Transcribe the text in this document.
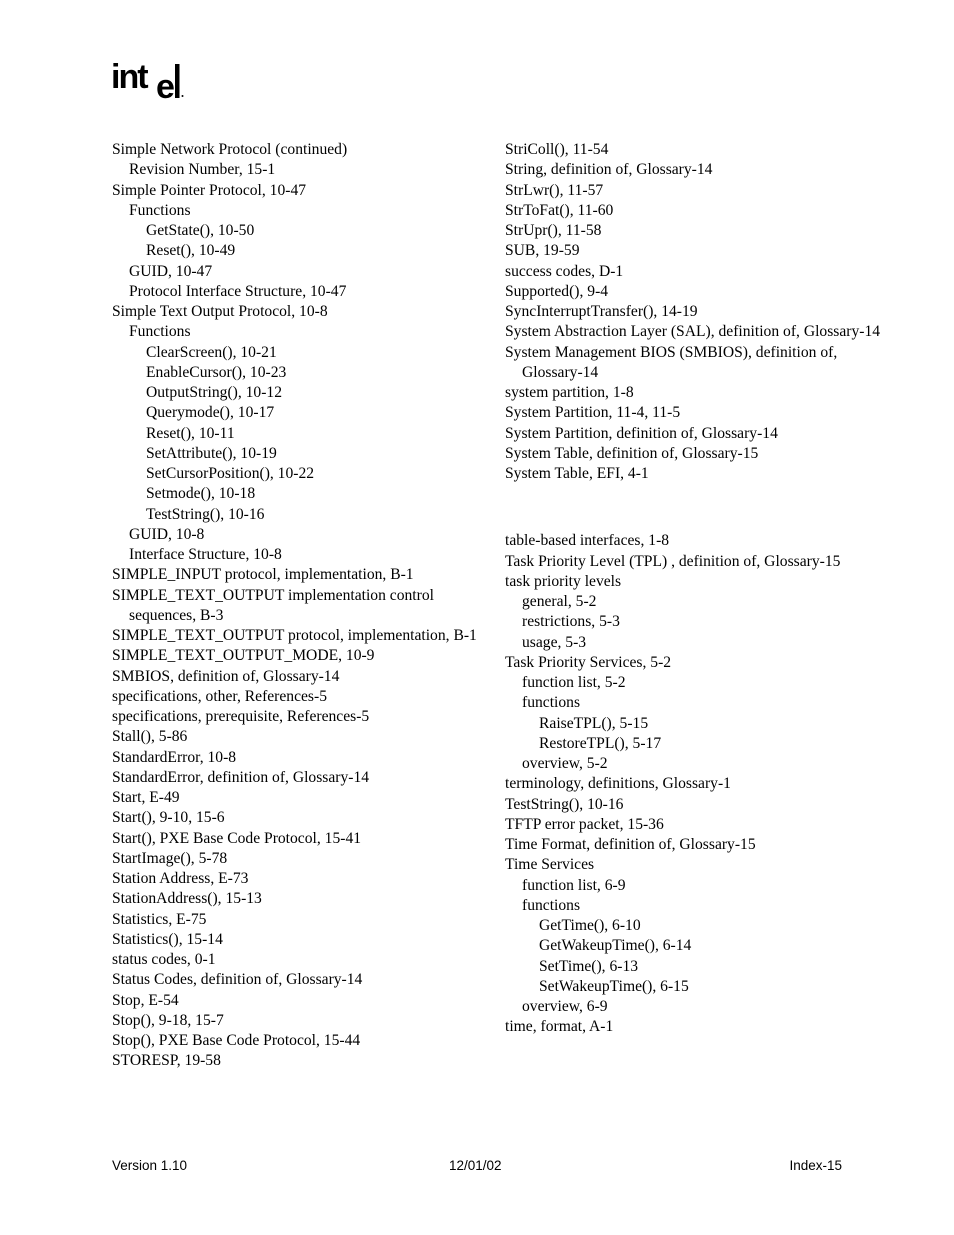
int e
Simple Network Protocol (continued)
Revision Number, 15-1
Simple Pointer Protocol, 10-47
Functions
GetState(), 10-50
Reset(), 10-49
GUID, 10-47
Protocol Interface Structure, 10-47
Simple Text Output Protocol, 10-8
Functions
ClearScreen(), 10-21
EnableCursor(), 10-23
OutputString(), 10-12
Querymode(), 10-17
Reset(), 10-11
SetAttribute(), 10-19
SetCursorPosition(), 10-22
Setmode(), 10-18
TestString(), 10-16
GUID, 10-8
Interface Structure, 10-8
SIMPLE_INPUT protocol, implementation, B-1
SIMPLE_TEXT_OUTPUT implementation control sequences, B-3
SIMPLE_TEXT_OUTPUT protocol, implementation, B-1
SIMPLE_TEXT_OUTPUT_MODE, 10-9
SMBIOS, definition of, Glossary-14
specifications, other, References-5
specifications, prerequisite, References-5
Stall(), 5-86
StandardError, 10-8
StandardError, definition of, Glossary-14
Start, E-49
Start(), 9-10, 15-6
Start(), PXE Base Code Protocol, 15-41
StartImage(), 5-78
Station Address, E-73
StationAddress(), 15-13
Statistics, E-75
Statistics(), 15-14
status codes, 0-1
Status Codes, definition of, Glossary-14
Stop, E-54
Stop(), 9-18, 15-7
Stop(), PXE Base Code Protocol, 15-44
STORESP, 19-58
StriColl(), 11-54
String, definition of, Glossary-14
StrLwr(), 11-57
StrToFat(), 11-60
StrUpr(), 11-58
SUB, 19-59
success codes, D-1
Supported(), 9-4
SyncInterruptTransfer(), 14-19
System Abstraction Layer (SAL), definition of, Glossary-14
System Management BIOS (SMBIOS), definition of, Glossary-14
system partition, 1-8
System Partition, 11-4, 11-5
System Partition, definition of, Glossary-14
System Table, definition of, Glossary-15
System Table, EFI, 4-1
table-based interfaces, 1-8
Task Priority Level (TPL) , definition of, Glossary-15
task priority levels
general, 5-2
restrictions, 5-3
usage, 5-3
Task Priority Services, 5-2
function list, 5-2
functions
RaiseTPL(), 5-15
RestoreTPL(), 5-17
overview, 5-2
terminology, definitions, Glossary-1
TestString(), 10-16
TFTP error packet, 15-36
Time Format, definition of, Glossary-15
Time Services
function list, 6-9
functions
GetTime(), 6-10
GetWakeupTime(), 6-14
SetTime(), 6-13
SetWakeupTime(), 6-15
overview, 6-9
time, format, A-1
Version 1.10	12/01/02	Index-15
